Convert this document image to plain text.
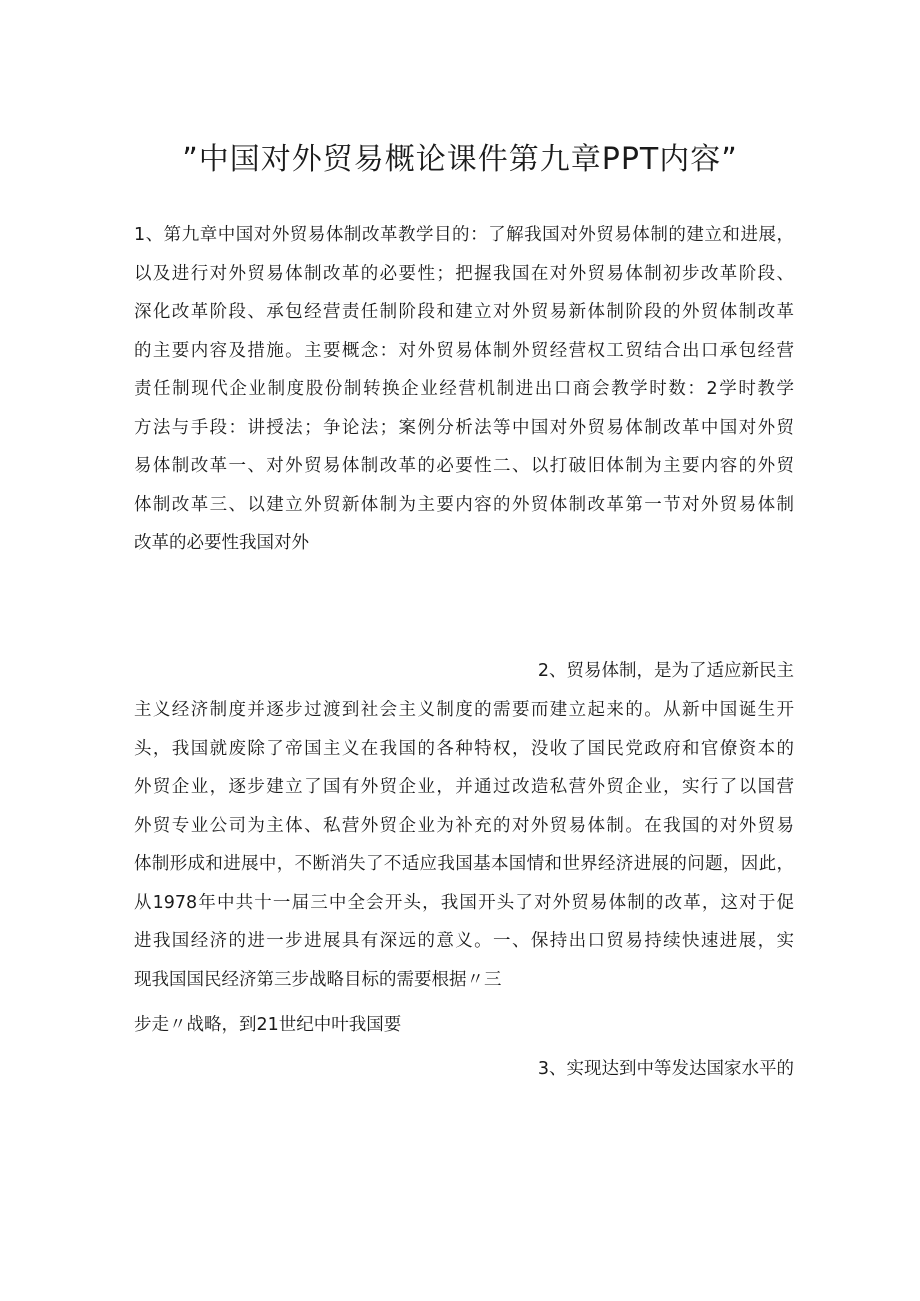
”中国对外贸易概论课件第九章PPT内容”
1、第九章中国对外贸易体制改革教学目的：了解我国对外贸易体制的建立和进展，
以及进行对外贸易体制改革的必要性；把握我国在对外贸易体制初步改革阶段、
深化改革阶段、承包经营责任制阶段和建立对外贸易新体制阶段的外贸体制改革
的主要内容及措施。主要概念：对外贸易体制外贸经营权工贸结合出口承包经营
责任制现代企业制度股份制转换企业经营机制进出口商会教学时数：2学时教学
方法与手段：讲授法；争论法；案例分析法等中国对外贸易体制改革中国对外贸
易体制改革一、对外贸易体制改革的必要性二、以打破旧体制为主要内容的外贸
体制改革三、以建立外贸新体制为主要内容的外贸体制改革第一节对外贸易体制
改革的必要性我国对外
2、贸易体制，是为了适应新民主
主义经济制度并逐步过渡到社会主义制度的需要而建立起来的。从新中国诞生开
头，我国就废除了帝国主义在我国的各种特权，没收了国民党政府和官僚资本的
外贸企业，逐步建立了国有外贸企业，并通过改造私营外贸企业，实行了以国营
外贸专业公司为主体、私营外贸企业为补充的对外贸易体制。在我国的对外贸易
体制形成和进展中，不断消失了不适应我国基本国情和世界经济进展的问题，因此，
从1978年中共十一届三中全会开头，我国开头了对外贸易体制的改革，这对于促
进我国经济的进一步进展具有深远的意义。一、保持出口贸易持续快速进展，实
现我国国民经济第三步战略目标的需要根据〃三
步走〃战略，到21世纪中叶我国要
3、实现达到中等发达国家水平的
